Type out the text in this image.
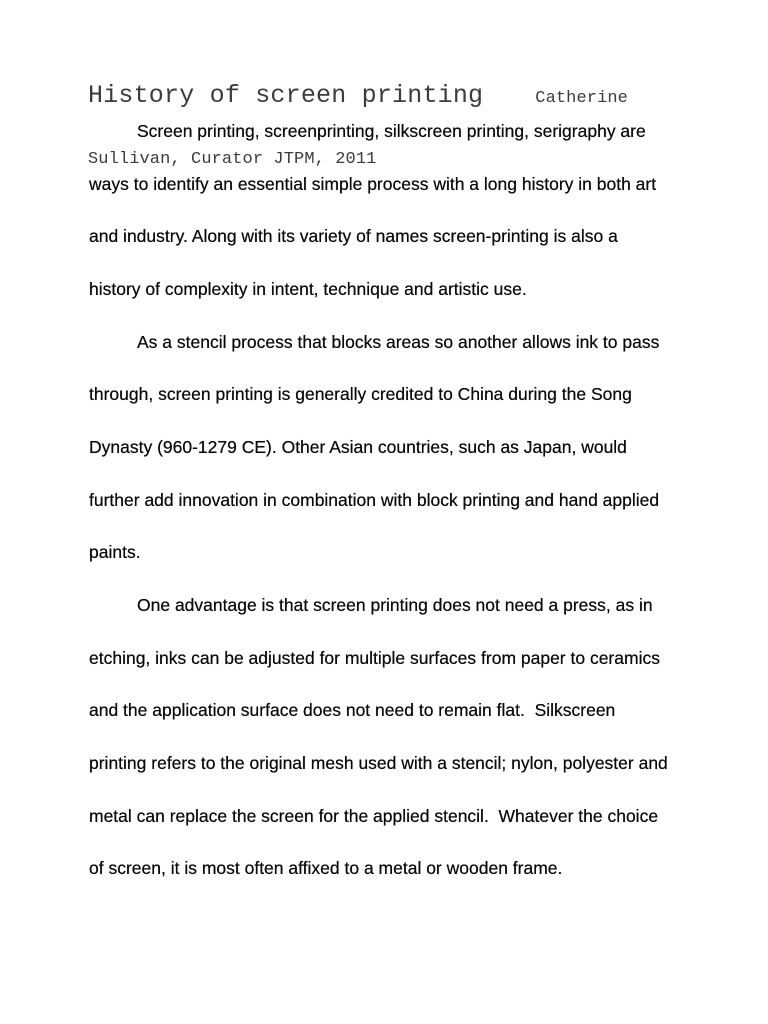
History of screen printing	Catherine

Sullivan, Curator JTPM, 2011

Screen printing, screenprinting, silkscreen printing, serigraphy are
ways to identify an essential simple process with a long history in both art
and industry. Along with its variety of names screen-printing is also a
history of complexity in intent, technique and artistic use.
As a stencil process that blocks areas so another allows ink to pass
through, screen printing is generally credited to China during the Song
Dynasty (960-1279 CE). Other Asian countries, such as Japan, would
further add innovation in combination with block printing and hand applied
paints.
One advantage is that screen printing does not need a press, as in
etching, inks can be adjusted for multiple surfaces from paper to ceramics
and the application surface does not need to remain flat.  Silkscreen
printing refers to the original mesh used with a stencil; nylon, polyester and
metal can replace the screen for the applied stencil.  Whatever the choice
of screen, it is most often affixed to a metal or wooden frame.
